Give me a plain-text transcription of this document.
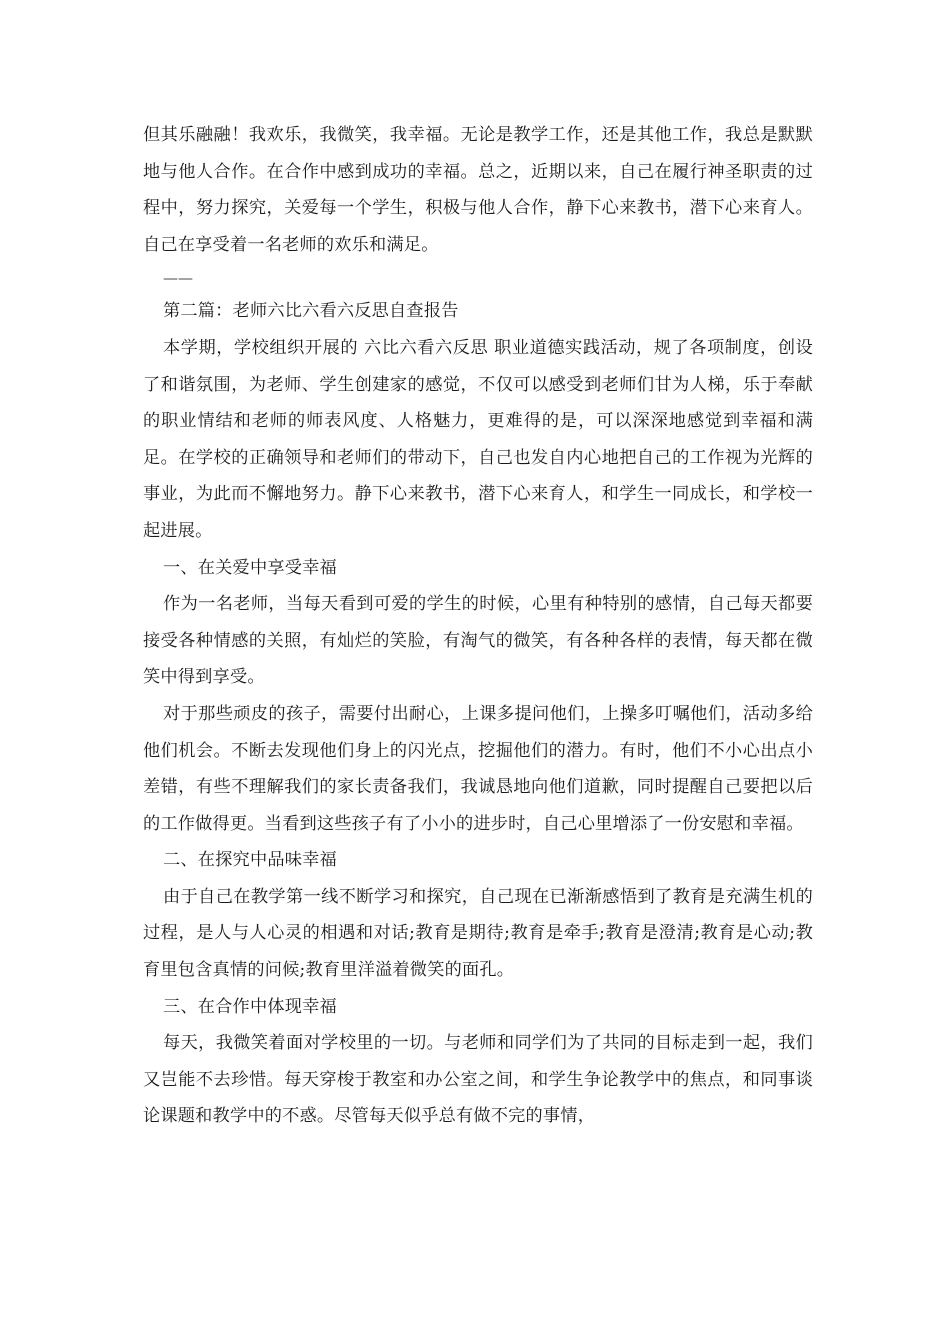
但其乐融融！我欢乐，我微笑，我幸福。无论是教学工作，还是其他工作，我总是默默地与他人合作。在合作中感到成功的幸福。总之，近期以来，自己在履行神圣职责的过程中，努力探究，关爱每一个学生，积极与他人合作，静下心来教书，潜下心来育人。自己在享受着一名老师的欢乐和满足。

——

第二篇：老师六比六看六反思自查报告

本学期，学校组织开展的 六比六看六反思 职业道德实践活动，规了各项制度，创设了和谐氛围，为老师、学生创建家的感觉，不仅可以感受到老师们甘为人梯，乐于奉献的职业情结和老师的师表风度、人格魅力，更难得的是，可以深深地感觉到幸福和满足。在学校的正确领导和老师们的带动下，自己也发自内心地把自己的工作视为光辉的事业，为此而不懈地努力。静下心来教书，潜下心来育人，和学生一同成长，和学校一起进展。

一、在关爱中享受幸福

作为一名老师，当每天看到可爱的学生的时候，心里有种特别的感情，自己每天都要接受各种情感的关照，有灿烂的笑脸，有淘气的微笑，有各种各样的表情，每天都在微笑中得到享受。

对于那些顽皮的孩子，需要付出耐心，上课多提问他们，上操多叮嘱他们，活动多给他们机会。不断去发现他们身上的闪光点，挖掘他们的潜力。有时，他们不小心出点小差错，有些不理解我们的家长责备我们，我诚恳地向他们道歉，同时提醒自己要把以后的工作做得更。当看到这些孩子有了小小的进步时，自己心里增添了一份安慰和幸福。

二、在探究中品味幸福

由于自己在教学第一线不断学习和探究，自己现在已渐渐感悟到了教育是充满生机的过程，是人与人心灵的相遇和对话;教育是期待;教育是牵手;教育是澄清;教育是心动;教育里包含真情的问候;教育里洋溢着微笑的面孔。

三、在合作中体现幸福

每天，我微笑着面对学校里的一切。与老师和同学们为了共同的目标走到一起，我们又岂能不去珍惜。每天穿梭于教室和办公室之间，和学生争论教学中的焦点，和同事谈论课题和教学中的不惑。尽管每天似乎总有做不完的事情，
